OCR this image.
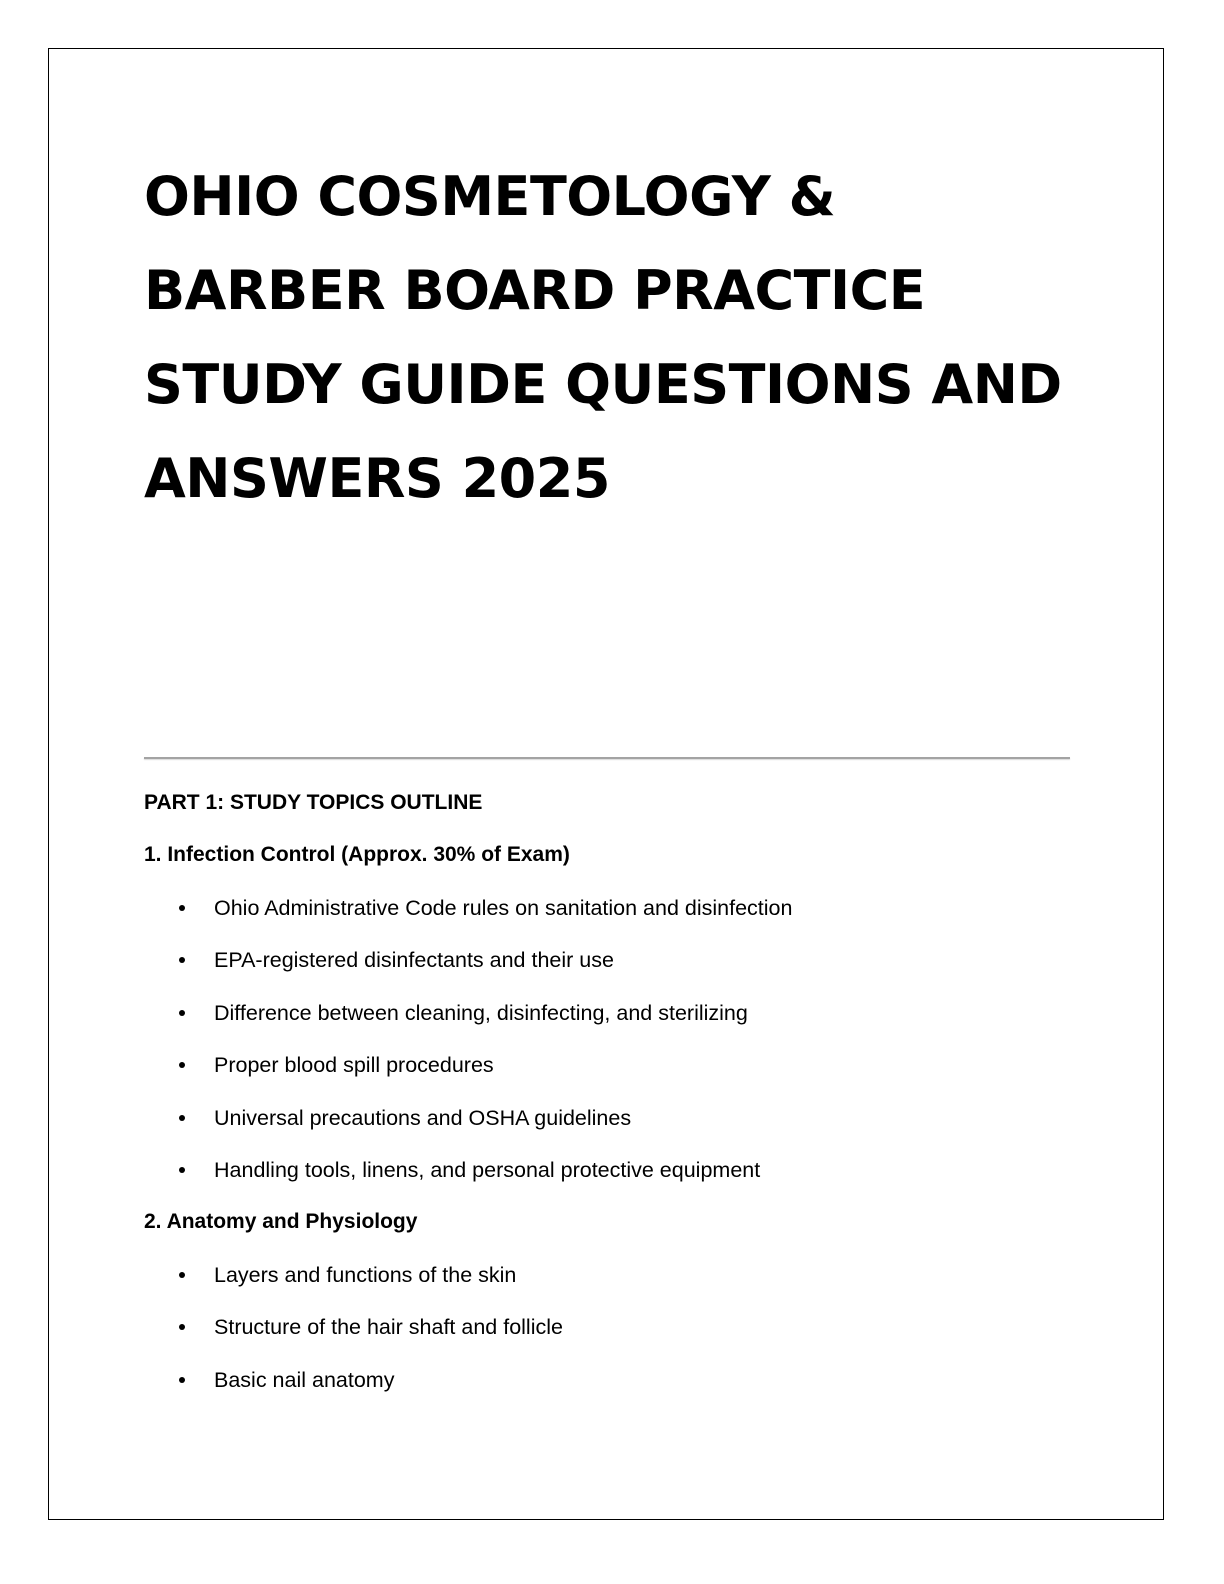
OHIO COSMETOLOGY &
BARBER BOARD PRACTICE
STUDY GUIDE QUESTIONS AND
ANSWERS 2025

PART 1: STUDY TOPICS OUTLINE

1. Infection Control (Approx. 30% of Exam)

Ohio Administrative Code rules on sanitation and disinfection
EPA-registered disinfectants and their use
Difference between cleaning, disinfecting, and sterilizing
Proper blood spill procedures
Universal precautions and OSHA guidelines
Handling tools, linens, and personal protective equipment

2. Anatomy and Physiology

Layers and functions of the skin
Structure of the hair shaft and follicle
Basic nail anatomy
